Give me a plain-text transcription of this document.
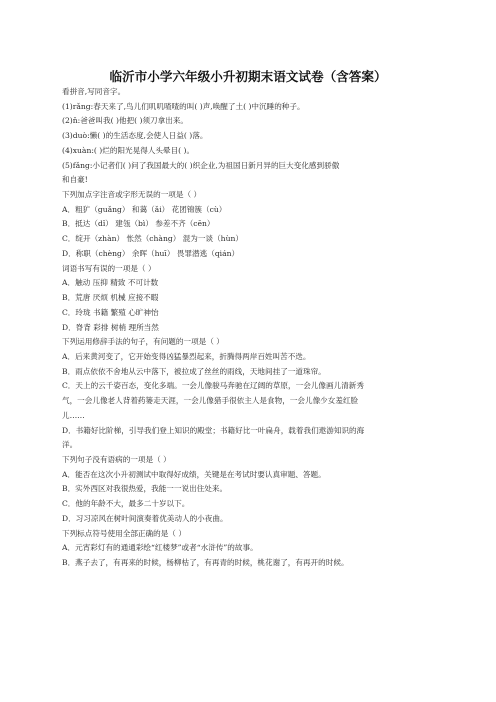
临沂市小学六年级小升初期末语文试卷（含答案）
看拼音,写同音字。
(1)rǎng:春天来了,鸟儿们叽叽喳喳的叫( )声,唤醒了土( )中沉睡的种子。
(2)ň:爸爸叫我( )他把( )须刀拿出来。
(3)duò:懒( )的生活态度,会使人日益( )落。
(4)xuàn:( )烂的阳光晃得人头晕目( )。
(5)fǎng:小记者们( )问了我国最大的( )织企业,为祖国日新月异的巨大变化感到骄傲
和自豪!
下列加点字注音或字形无误的一项是（ ）
A．粗犷（guǎng） 和蔼（ǎi） 花团锦簇（cù）
B．抵达（dǐ） 建瓴（bì） 参差不齐（cēn）
C．绽开（zhàn） 怅然（chàng） 混为一谈（hùn）
D．称职（chèng） 余晖（huī） 畏罪潜逃（qián）
词语书写有误的一项是（ ）
A．触动 压抑 精致 不可计数
B．荒唐 厌烦 机械 应接不暇
C．玲珑 书籍 繁殖 心旷神怡
D．脊背 彩排 树梢 理所当然
下列运用修辞手法的句子，有问题的一项是（ ）
A．后来黄河变了，它开始变得凶猛暴烈起来，折腾得两岸百姓叫苦不迭。
B．雨点依依不舍地从云中落下，被拉成了丝丝的雨线，天地间挂了一道珠帘。
C．天上的云千姿百态，变化多端。一会儿像骏马奔驰在辽阔的草原，一会儿像画儿清新秀
气，一会儿像老人背着药篓走天涯，一会儿像猎手很依主人是食物，一会儿像少女羞红脸
儿……
D．书籍好比阶梯，引导我们登上知识的殿堂；书籍好比一叶扁舟，载着我们遨游知识的海
洋。
下列句子没有语病的一项是（ ）
A．能否在这次小升初测试中取得好成绩，关键是在考试时要认真审题、答题。
B．实外西区对我很热爱，我能一一说出住处来。
C．他的年龄不大，最多二十岁以下。
D．习习凉风在树叶间演奏着优美动人的小夜曲。
下列标点符号使用全部正确的是（ ）
A．元宵彩灯有的通通彩绘“红楼梦”或者“水浒传”的故事。
B．燕子去了，有再来的时候，杨柳枯了，有再青的时候，桃花谢了，有再开的时候。
